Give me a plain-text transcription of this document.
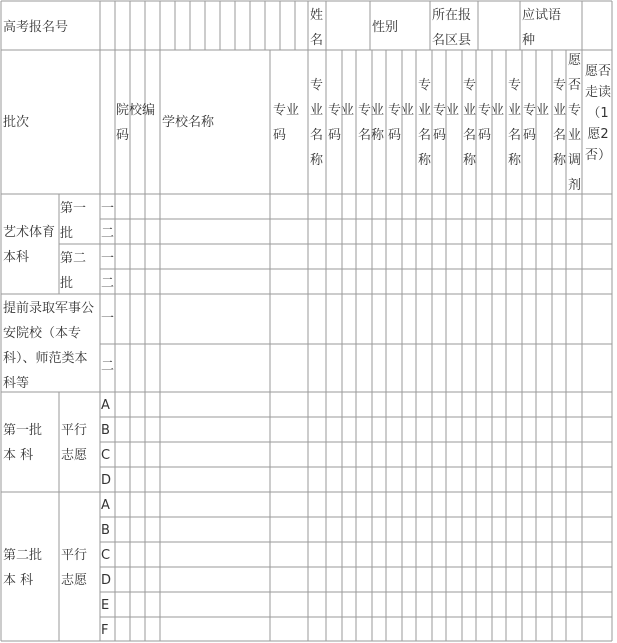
高考报名号
姓名
性别
所在报名区县
应试语种
批次
院校编码
学校名称
专业码
专业名称
专业码
专业名称
专业码
专业名称
专业码
专业名称
专业码
专业名称
专业码
专业名称
愿否专业调剂
愿否走读（1愿2否）
艺术体育本科
第一批
第二批
一
二
一
二
提前录取军事公安院校（本专科）、师范类本科等
一
二
第一批本 科
平行志愿
A
B
C
D
第二批本 科
平行志愿
A
B
C
D
E
F
